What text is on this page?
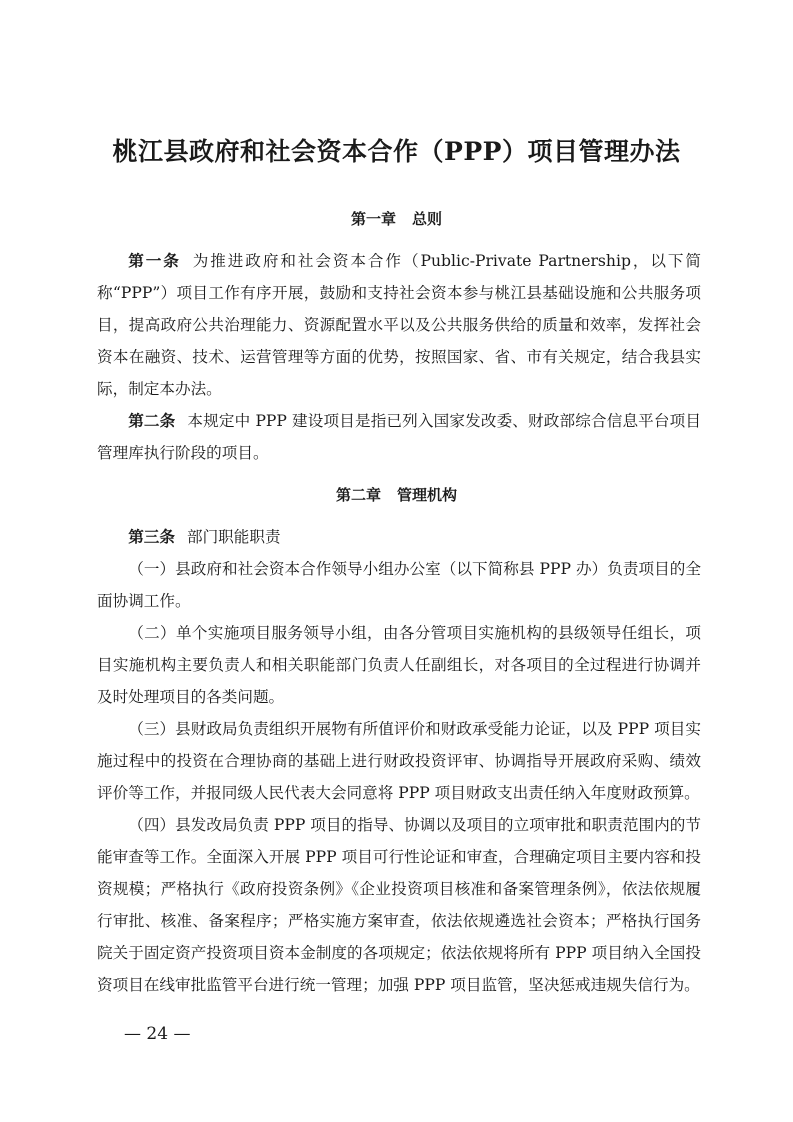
桃江县政府和社会资本合作（PPP）项目管理办法
第一章 总则

第一条 为推进政府和社会资本合作（Public-Private Partnership，以下简称“PPP”）项目工作有序开展，鼓励和支持社会资本参与桃江县基础设施和公共服务项目，提高政府公共治理能力、资源配置水平以及公共服务供给的质量和效率，发挥社会资本在融资、技术、运营管理等方面的优势，按照国家、省、市有关规定，结合我县实际，制定本办法。

第二条 本规定中 PPP 建设项目是指已列入国家发改委、财政部综合信息平台项目管理库执行阶段的项目。

第二章 管理机构

第三条 部门职能职责

（一）县政府和社会资本合作领导小组办公室（以下简称县 PPP 办）负责项目的全面协调工作。

（二）单个实施项目服务领导小组，由各分管项目实施机构的县级领导任组长，项目实施机构主要负责人和相关职能部门负责人任副组长，对各项目的全过程进行协调并及时处理项目的各类问题。

（三）县财政局负责组织开展物有所值评价和财政承受能力论证，以及 PPP 项目实施过程中的投资在合理协商的基础上进行财政投资评审、协调指导开展政府采购、绩效评价等工作，并报同级人民代表大会同意将 PPP 项目财政支出责任纳入年度财政预算。

（四）县发改局负责 PPP 项目的指导、协调以及项目的立项审批和职责范围内的节能审查等工作。全面深入开展 PPP 项目可行性论证和审查，合理确定项目主要内容和投资规模；严格执行《政府投资条例》《企业投资项目核准和备案管理条例》，依法依规履行审批、核准、备案程序；严格实施方案审查，依法依规遴选社会资本；严格执行国务院关于固定资产投资项目资本金制度的各项规定；依法依规将所有 PPP 项目纳入全国投资项目在线审批监管平台进行统一管理；加强 PPP 项目监管，坚决惩戒违规失信行为。

— 24 —
